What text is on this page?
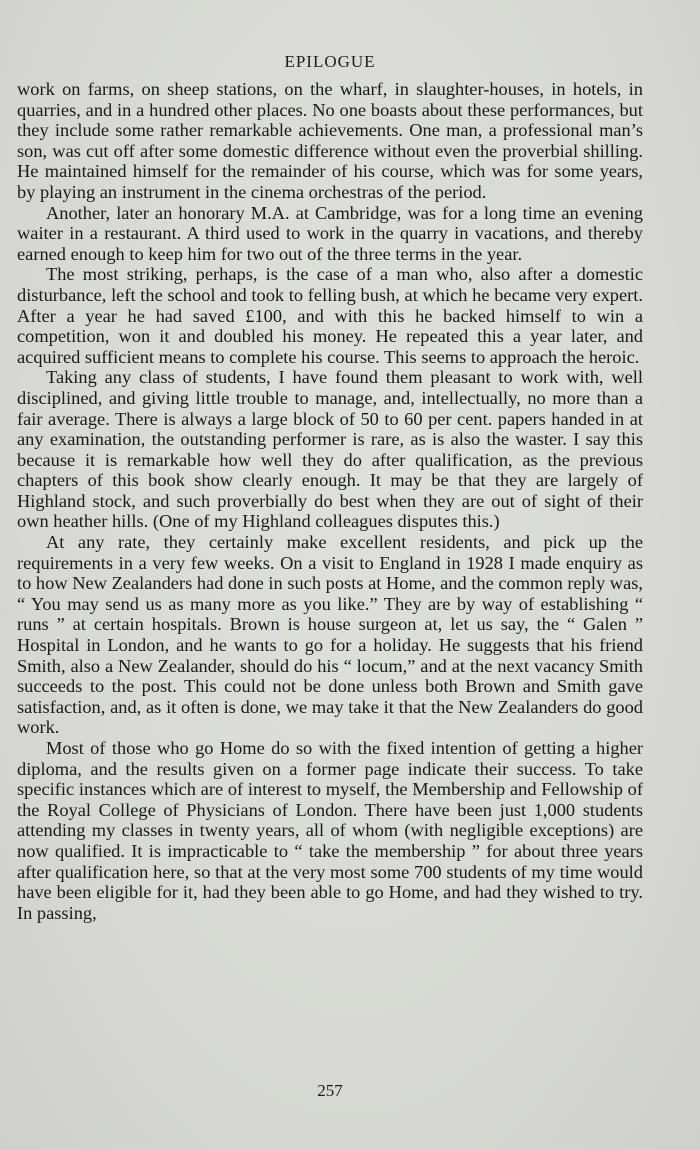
EPILOGUE

work on farms, on sheep stations, on the wharf, in slaughter-houses, in hotels, in quarries, and in a hundred other places. No one boasts about these performances, but they include some rather remarkable achievements. One man, a professional man’s son, was cut off after some domestic difference without even the proverbial shilling. He maintained himself for the remainder of his course, which was for some years, by playing an instrument in the cinema orchestras of the period.

Another, later an honorary M.A. at Cambridge, was for a long time an evening waiter in a restaurant. A third used to work in the quarry in vacations, and thereby earned enough to keep him for two out of the three terms in the year.

The most striking, perhaps, is the case of a man who, also after a domestic disturbance, left the school and took to felling bush, at which he became very expert. After a year he had saved £100, and with this he backed himself to win a competition, won it and doubled his money. He repeated this a year later, and acquired sufficient means to complete his course. This seems to approach the heroic.

Taking any class of students, I have found them pleasant to work with, well disciplined, and giving little trouble to manage, and, intellectually, no more than a fair average. There is always a large block of 50 to 60 per cent. papers handed in at any examination, the outstanding performer is rare, as is also the waster. I say this because it is remarkable how well they do after qualification, as the previous chapters of this book show clearly enough. It may be that they are largely of Highland stock, and such proverbially do best when they are out of sight of their own heather hills. (One of my Highland colleagues disputes this.)

At any rate, they certainly make excellent residents, and pick up the requirements in a very few weeks. On a visit to England in 1928 I made enquiry as to how New Zealanders had done in such posts at Home, and the common reply was, “ You may send us as many more as you like.” They are by way of establishing “ runs ” at certain hospitals. Brown is house surgeon at, let us say, the “ Galen ” Hospital in London, and he wants to go for a holiday. He suggests that his friend Smith, also a New Zealander, should do his “ locum,” and at the next vacancy Smith succeeds to the post. This could not be done unless both Brown and Smith gave satisfaction, and, as it often is done, we may take it that the New Zealanders do good work.

Most of those who go Home do so with the fixed intention of getting a higher diploma, and the results given on a former page indicate their success. To take specific instances which are of interest to myself, the Membership and Fellowship of the Royal College of Physicians of London. There have been just 1,000 students attending my classes in twenty years, all of whom (with negligible exceptions) are now qualified. It is impracticable to “ take the membership ” for about three years after qualification here, so that at the very most some 700 students of my time would have been eligible for it, had they been able to go Home, and had they wished to try. In passing,

257
